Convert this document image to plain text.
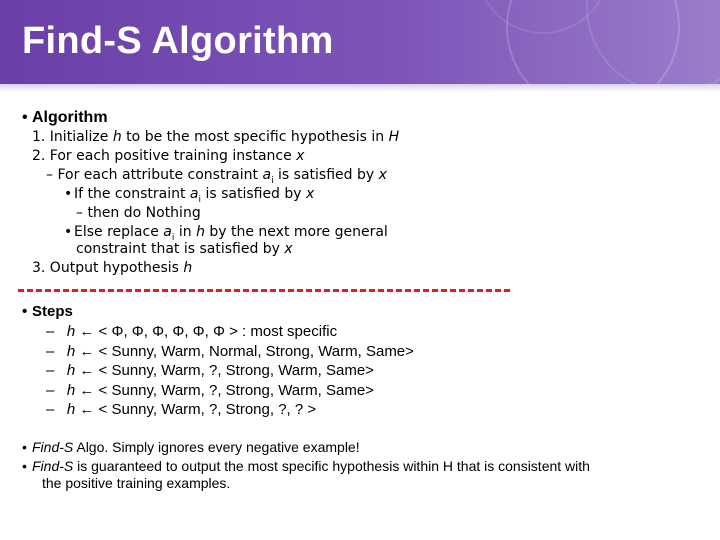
Find-S Algorithm
• Algorithm
1. Initialize h to be the most specific hypothesis in H
2. For each positive training instance x
– For each attribute constraint $a_i$ is satisfied by x
• If the constraint $a_i$ is satisfied by x
– then do Nothing
• Else replace $a_i$ in h by the next more general
constraint that is satisfied by x
3. Output hypothesis h
• Steps
– h ← < Φ, Φ, Φ, Φ, Φ, Φ > : most specific
– h ← < Sunny, Warm, Normal, Strong, Warm, Same>
– h ← < Sunny, Warm, ?, Strong, Warm, Same>
– h ← < Sunny, Warm, ?, Strong, Warm, Same>
– h ← < Sunny, Warm, ?, Strong, ?, ? >
• Find-S Algo. Simply ignores every negative example!
• Find-S is guaranteed to output the most specific hypothesis within H that is consistent with
the positive training examples.
